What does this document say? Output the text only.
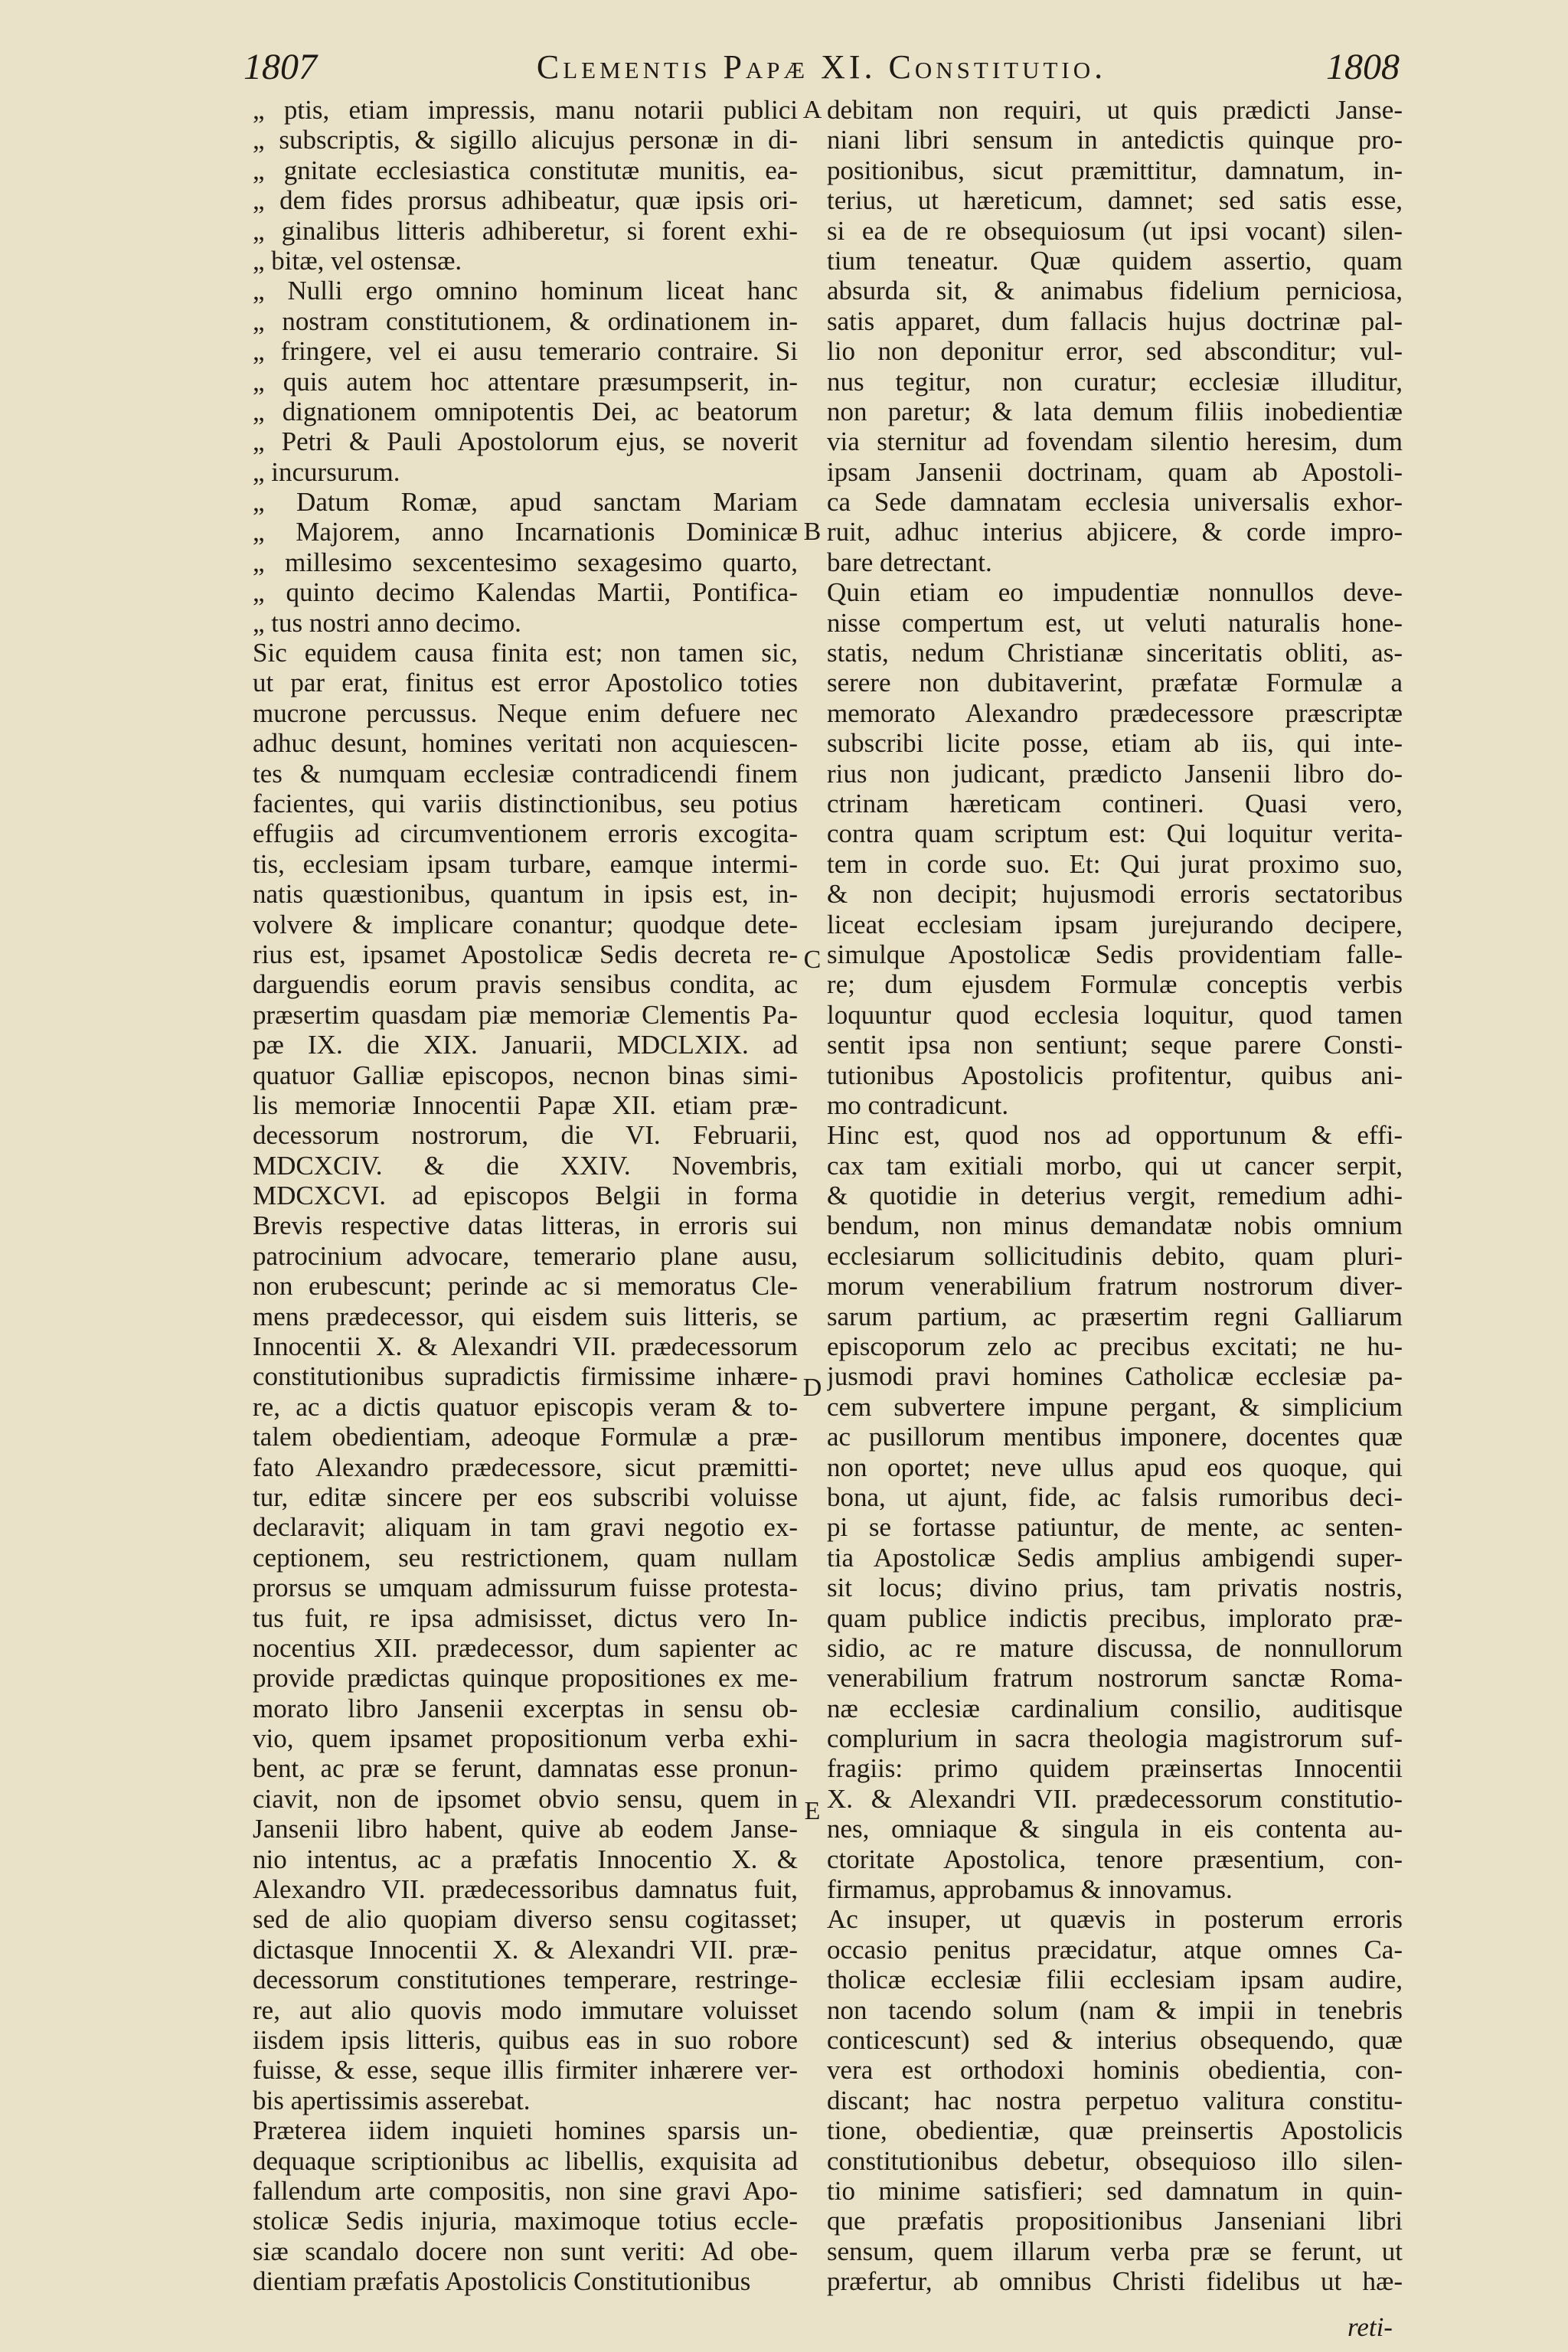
1807	Clementis Papæ XI. Constitutio.	1808
„ ptis, etiam impressis, manu notarii publici
„ subscriptis, & sigillo alicujus personæ in di-
„ gnitate ecclesiastica constitutæ munitis, ea-
„ dem fides prorsus adhibeatur, quæ ipsis ori-
„ ginalibus litteris adhiberetur, si forent exhi-
„ bitæ, vel ostensæ.
„ Nulli ergo omnino hominum liceat hanc
„ nostram constitutionem, & ordinationem in-
„ fringere, vel ei ausu temerario contraire. Si
„ quis autem hoc attentare præsumpserit, in-
„ dignationem omnipotentis Dei, ac beatorum
„ Petri & Pauli Apostolorum ejus, se noverit
„ incursurum.
„ Datum Romæ, apud sanctam Mariam
„ Majorem, anno Incarnationis Dominicæ
„ millesimo sexcentesimo sexagesimo quarto,
„ quinto decimo Kalendas Martii, Pontifica-
„ tus nostri anno decimo.
Sic equidem causa finita est; non tamen sic,
ut par erat, finitus est error Apostolico toties
mucrone percussus. Neque enim defuere nec
adhuc desunt, homines veritati non acquiescen-
tes & numquam ecclesiæ contradicendi finem
facientes, qui variis distinctionibus, seu potius
effugiis ad circumventionem erroris excogita-
tis, ecclesiam ipsam turbare, eamque intermi-
natis quæstionibus, quantum in ipsis est, in-
volvere & implicare conantur; quodque dete-
rius est, ipsamet Apostolicæ Sedis decreta re-
darguendis eorum pravis sensibus condita, ac
præsertim quasdam piæ memoriæ Clementis Pa-
pæ IX. die XIX. Januarii, MDCLXIX. ad
quatuor Galliæ episcopos, necnon binas simi-
lis memoriæ Innocentii Papæ XII. etiam præ-
decessorum nostrorum, die VI. Februarii,
MDCXCIV. & die XXIV. Novembris,
MDCXCVI. ad episcopos Belgii in forma
Brevis respective datas litteras, in erroris sui
patrocinium advocare, temerario plane ausu,
non erubescunt; perinde ac si memoratus Cle-
mens prædecessor, qui eisdem suis litteris, se
Innocentii X. & Alexandri VII. prædecessorum
constitutionibus supradictis firmissime inhære-
re, ac a dictis quatuor episcopis veram & to-
talem obedientiam, adeoque Formulæ a præ-
fato Alexandro prædecessore, sicut præmitti-
tur, editæ sincere per eos subscribi voluisse
declaravit; aliquam in tam gravi negotio ex-
ceptionem, seu restrictionem, quam nullam
prorsus se umquam admissurum fuisse protesta-
tus fuit, re ipsa admisisset, dictus vero In-
nocentius XII. prædecessor, dum sapienter ac
provide prædictas quinque propositiones ex me-
morato libro Jansenii excerptas in sensu ob-
vio, quem ipsamet propositionum verba exhi-
bent, ac præ se ferunt, damnatas esse pronun-
ciavit, non de ipsomet obvio sensu, quem in
Jansenii libro habent, quive ab eodem Janse-
nio intentus, ac a præfatis Innocentio X. &
Alexandro VII. prædecessoribus damnatus fuit,
sed de alio quopiam diverso sensu cogitasset;
dictasque Innocentii X. & Alexandri VII. præ-
decessorum constitutiones temperare, restringe-
re, aut alio quovis modo immutare voluisset
iisdem ipsis litteris, quibus eas in suo robore
fuisse, & esse, seque illis firmiter inhærere ver-
bis apertissimis asserebat.
Præterea iidem inquieti homines sparsis un-
dequaque scriptionibus ac libellis, exquisita ad
fallendum arte compositis, non sine gravi Apo-
stolicæ Sedis injuria, maximoque totius eccle-
siæ scandalo docere non sunt veriti: Ad obe-
dientiam præfatis Apostolicis Constitutionibus
debitam non requiri, ut quis prædicti Janse-
niani libri sensum in antedictis quinque pro-
positionibus, sicut præmittitur, damnatum, in-
terius, ut hæreticum, damnet; sed satis esse,
si ea de re obsequiosum (ut ipsi vocant) silen-
tium teneatur. Quæ quidem assertio, quam
absurda sit, & animabus fidelium perniciosa,
satis apparet, dum fallacis hujus doctrinæ pal-
lio non deponitur error, sed absconditur; vul-
nus tegitur, non curatur; ecclesiæ illuditur,
non paretur; & lata demum filiis inobedientiæ
via sternitur ad fovendam silentio heresim, dum
ipsam Jansenii doctrinam, quam ab Apostoli-
ca Sede damnatam ecclesia universalis exhor-
ruit, adhuc interius abjicere, & corde impro-
bare detrectant.
Quin etiam eo impudentiæ nonnullos deve-
nisse compertum est, ut veluti naturalis hone-
statis, nedum Christianæ sinceritatis obliti, as-
serere non dubitaverint, præfatæ Formulæ a
memorato Alexandro prædecessore præscriptæ
subscribi licite posse, etiam ab iis, qui inte-
rius non judicant, prædicto Jansenii libro do-
ctrinam hæreticam contineri. Quasi vero,
contra quam scriptum est: Qui loquitur verita-
tem in corde suo. Et: Qui jurat proximo suo,
& non decipit; hujusmodi erroris sectatoribus
liceat ecclesiam ipsam jurejurando decipere,
simulque Apostolicæ Sedis providentiam falle-
re; dum ejusdem Formulæ conceptis verbis
loquuntur quod ecclesia loquitur, quod tamen
sentit ipsa non sentiunt; seque parere Consti-
tutionibus Apostolicis profitentur, quibus ani-
mo contradicunt.
Hinc est, quod nos ad opportunum & effi-
cax tam exitiali morbo, qui ut cancer serpit,
& quotidie in deterius vergit, remedium adhi-
bendum, non minus demandatæ nobis omnium
ecclesiarum sollicitudinis debito, quam pluri-
morum venerabilium fratrum nostrorum diver-
sarum partium, ac præsertim regni Galliarum
episcoporum zelo ac precibus excitati; ne hu-
jusmodi pravi homines Catholicæ ecclesiæ pa-
cem subvertere impune pergant, & simplicium
ac pusillorum mentibus imponere, docentes quæ
non oportet; neve ullus apud eos quoque, qui
bona, ut ajunt, fide, ac falsis rumoribus deci-
pi se fortasse patiuntur, de mente, ac senten-
tia Apostolicæ Sedis amplius ambigendi super-
sit locus; divino prius, tam privatis nostris,
quam publice indictis precibus, implorato præ-
sidio, ac re mature discussa, de nonnullorum
venerabilium fratrum nostrorum sanctæ Roma-
næ ecclesiæ cardinalium consilio, auditisque
complurium in sacra theologia magistrorum suf-
fragiis: primo quidem præinsertas Innocentii
X. & Alexandri VII. prædecessorum constitutio-
nes, omniaque & singula in eis contenta au-
ctoritate Apostolica, tenore præsentium, con-
firmamus, approbamus & innovamus.
Ac insuper, ut quævis in posterum erroris
occasio penitus præcidatur, atque omnes Ca-
tholicæ ecclesiæ filii ecclesiam ipsam audire,
non tacendo solum (nam & impii in tenebris
conticescunt) sed & interius obsequendo, quæ
vera est orthodoxi hominis obedientia, con-
discant; hac nostra perpetuo valitura constitu-
tione, obedientiæ, quæ preinsertis Apostolicis
constitutionibus debetur, obsequioso illo silen-
tio minime satisfieri; sed damnatum in quin-
que præfatis propositionibus Janseniani libri
sensum, quem illarum verba præ se ferunt, ut
præfertur, ab omnibus Christi fidelibus ut hæ-
A
B
C
D
E
reti-
